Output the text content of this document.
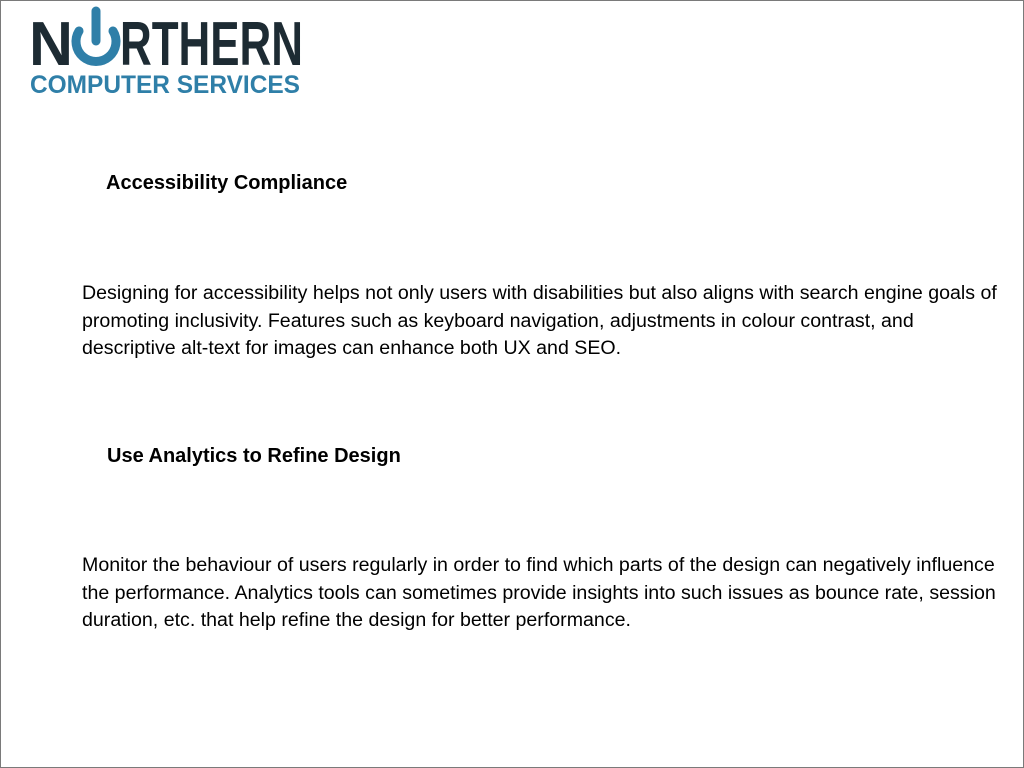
N RTHERN
COMPUTER SERVICES
Accessibility Compliance

Designing for accessibility helps not only users with disabilities but also aligns with search engine goals of promoting inclusivity. Features such as keyboard navigation, adjustments in colour contrast, and descriptive alt-text for images can enhance both UX and SEO.

Use Analytics to Refine Design

Monitor the behaviour of users regularly in order to find which parts of the design can negatively influence the performance. Analytics tools can sometimes provide insights into such issues as bounce rate, session duration, etc. that help refine the design for better performance.
